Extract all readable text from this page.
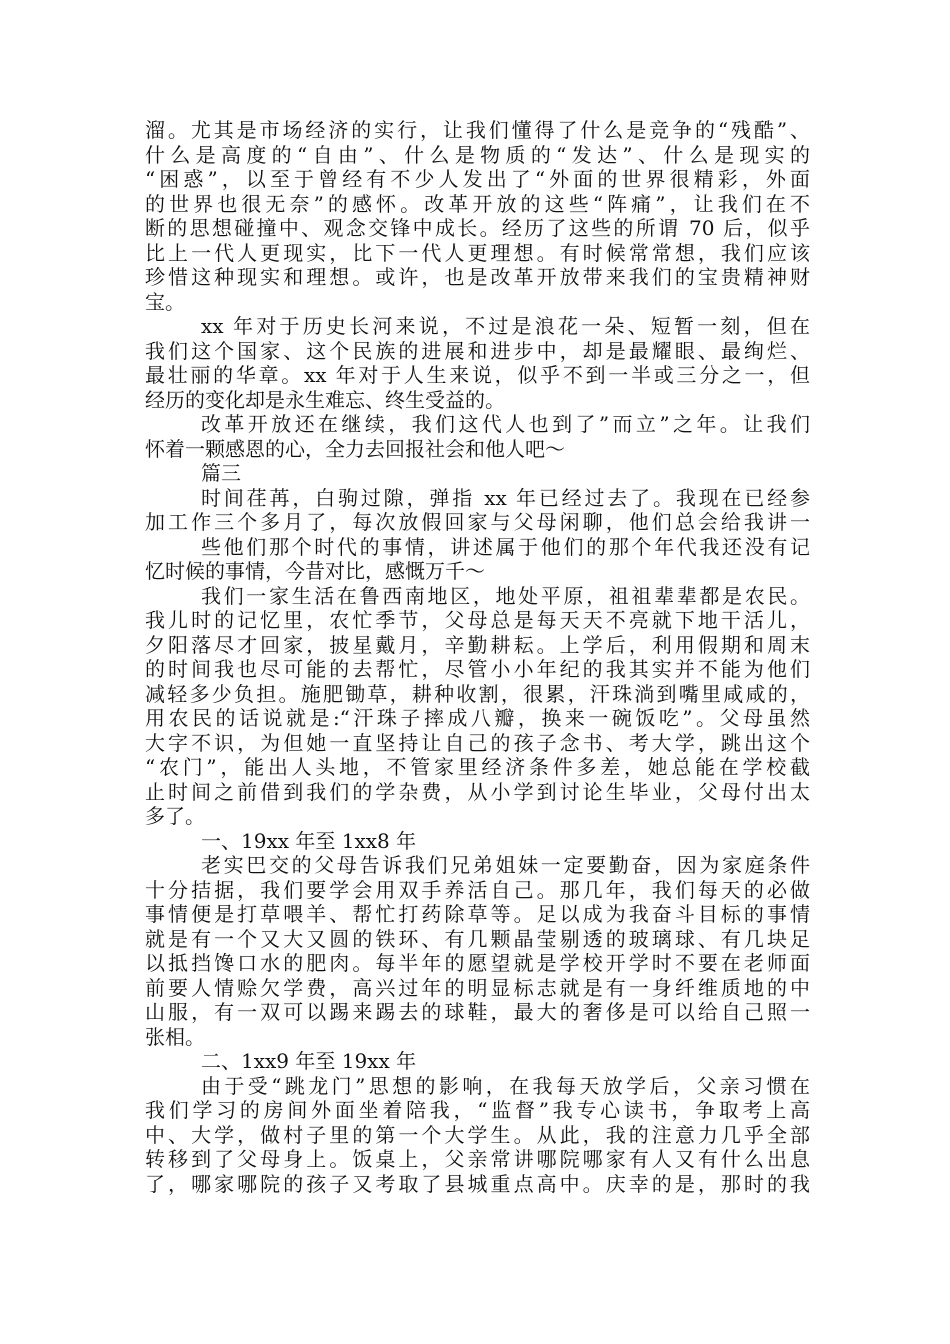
溜。尤其是市场经济的实行，让我们懂得了什么是竞争的“残酷”、
什么是高度的“自由”、什么是物质的“发达”、什么是现实的
“困惑”，以至于曾经有不少人发出了“外面的世界很精彩，外面
的世界也很无奈”的感怀。改革开放的这些“阵痛”，让我们在不
断的思想碰撞中、观念交锋中成长。经历了这些的所谓 70 后，似乎
比上一代人更现实，比下一代人更理想。有时候常常想，我们应该
珍惜这种现实和理想。或许，也是改革开放带来我们的宝贵精神财
宝。
xx 年对于历史长河来说，不过是浪花一朵、短暂一刻，但在
我们这个国家、这个民族的进展和进步中，却是最耀眼、最绚烂、
最壮丽的华章。xx 年对于人生来说，似乎不到一半或三分之一，但
经历的变化却是永生难忘、终生受益的。
改革开放还在继续，我们这代人也到了”而立”之年。让我们
怀着一颗感恩的心，全力去回报社会和他人吧～
篇三
时间荏苒，白驹过隙，弹指 xx 年已经过去了。我现在已经参
加工作三个多月了，每次放假回家与父母闲聊，他们总会给我讲一
些他们那个时代的事情，讲述属于他们的那个年代我还没有记
忆时候的事情，今昔对比，感慨万千～
我们一家生活在鲁西南地区，地处平原，祖祖辈辈都是农民。
我儿时的记忆里，农忙季节，父母总是每天天不亮就下地干活儿，
夕阳落尽才回家，披星戴月，辛勤耕耘。上学后，利用假期和周末
的时间我也尽可能的去帮忙，尽管小小年纪的我其实并不能为他们
减轻多少负担。施肥锄草，耕种收割，很累，汗珠淌到嘴里咸咸的，
用农民的话说就是:“汗珠子摔成八瓣，换来一碗饭吃”。父母虽然
大字不识，为但她一直坚持让自己的孩子念书、考大学，跳出这个
“农门”，能出人头地，不管家里经济条件多差，她总能在学校截
止时间之前借到我们的学杂费，从小学到讨论生毕业，父母付出太
多了。
一、19xx 年至 1xx8 年
老实巴交的父母告诉我们兄弟姐妹一定要勤奋，因为家庭条件
十分拮据，我们要学会用双手养活自己。那几年，我们每天的必做
事情便是打草喂羊、帮忙打药除草等。足以成为我奋斗目标的事情
就是有一个又大又圆的铁环、有几颗晶莹剔透的玻璃球、有几块足
以抵挡馋口水的肥肉。每半年的愿望就是学校开学时不要在老师面
前要人情赊欠学费，高兴过年的明显标志就是有一身纤维质地的中
山服，有一双可以踢来踢去的球鞋，最大的奢侈是可以给自己照一
张相。
二、1xx9 年至 19xx 年
由于受“跳龙门”思想的影响，在我每天放学后，父亲习惯在
我们学习的房间外面坐着陪我，“监督”我专心读书，争取考上高
中、大学，做村子里的第一个大学生。从此，我的注意力几乎全部
转移到了父母身上。饭桌上，父亲常讲哪院哪家有人又有什么出息
了，哪家哪院的孩子又考取了县城重点高中。庆幸的是，那时的我
